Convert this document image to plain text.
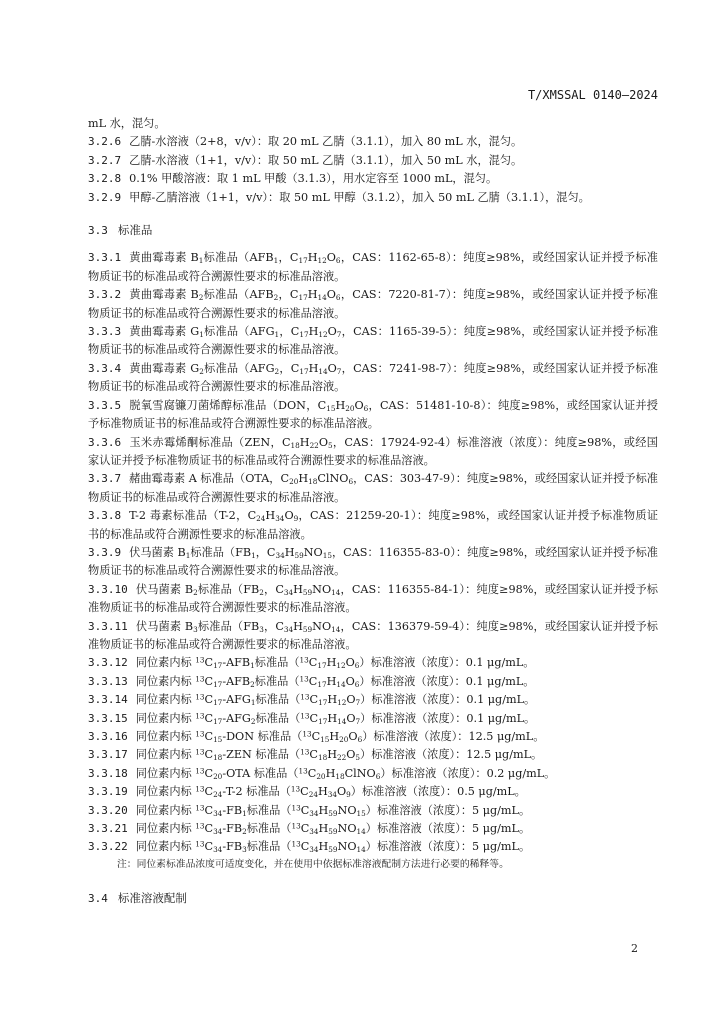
T/XMSSAL 0140—2024

mL 水，混匀。

3.2.6 乙腈-水溶液（2+8，v/v）：取 20 mL 乙腈（3.1.1），加入 80 mL 水，混匀。

3.2.7 乙腈-水溶液（1+1，v/v）：取 50 mL 乙腈（3.1.1），加入 50 mL 水，混匀。

3.2.8 0.1% 甲酸溶液：取 1 mL 甲酸（3.1.3），用水定容至 1000 mL，混匀。

3.2.9 甲醇-乙腈溶液（1+1，v/v）：取 50 mL 甲醇（3.1.2），加入 50 mL 乙腈（3.1.1），混匀。

3.3 标准品

3.3.1 黄曲霉毒素 $B_1$标准品（$AFB_1$，$C_{17}H_{12}O_6$，CAS：1162-65-8）：纯度≥98%，或经国家认证并授予标准物质证书的标准品或符合溯源性要求的标准品溶液。

3.3.2 黄曲霉毒素 $B_2$标准品（$AFB_2$，$C_{17}H_{14}O_6$，CAS：7220-81-7）：纯度≥98%，或经国家认证并授予标准物质证书的标准品或符合溯源性要求的标准品溶液。

3.3.3 黄曲霉毒素 $G_1$标准品（$AFG_1$，$C_{17}H_{12}O_7$，CAS：1165-39-5）：纯度≥98%，或经国家认证并授予标准物质证书的标准品或符合溯源性要求的标准品溶液。

3.3.4 黄曲霉毒素 $G_2$标准品（$AFG_2$，$C_{17}H_{14}O_7$，CAS：7241-98-7）：纯度≥98%，或经国家认证并授予标准物质证书的标准品或符合溯源性要求的标准品溶液。

3.3.5 脱氧雪腐镰刀菌烯醇标准品（DON，$C_{15}H_{20}O_6$，CAS：51481-10-8）：纯度≥98%，或经国家认证并授予标准物质证书的标准品或符合溯源性要求的标准品溶液。

3.3.6 玉米赤霉烯酮标准品（ZEN，$C_{18}H_{22}O_5$，CAS：17924-92-4）标准溶液（浓度）：纯度≥98%，或经国家认证并授予标准物质证书的标准品或符合溯源性要求的标准品溶液。

3.3.7 赭曲霉毒素 A 标准品（OTA，$C_{20}H_{18}ClNO_6$，CAS：303-47-9）：纯度≥98%，或经国家认证并授予标准物质证书的标准品或符合溯源性要求的标准品溶液。

3.3.8 T-2 毒素标准品（T-2，$C_{24}H_{34}O_9$，CAS：21259-20-1）：纯度≥98%，或经国家认证并授予标准物质证书的标准品或符合溯源性要求的标准品溶液。

3.3.9 伏马菌素 $B_1$标准品（$FB_1$，$C_{34}H_{59}NO_{15}$，CAS：116355-83-0）：纯度≥98%，或经国家认证并授予标准物质证书的标准品或符合溯源性要求的标准品溶液。

3.3.10 伏马菌素 $B_2$标准品（$FB_2$，$C_{34}H_{59}NO_{14}$，CAS：116355-84-1）：纯度≥98%，或经国家认证并授予标准物质证书的标准品或符合溯源性要求的标准品溶液。

3.3.11 伏马菌素 $B_3$标准品（$FB_3$，$C_{34}H_{59}NO_{14}$，CAS：136379-59-4）：纯度≥98%，或经国家认证并授予标准物质证书的标准品或符合溯源性要求的标准品溶液。

3.3.12 同位素内标 $^{13}C_{17}-AFB_1$标准品$(^{13}C_{17}H_{12}O_6)$标准溶液（浓度）：0.1 μg/mL。

3.3.13 同位素内标 $^{13}C_{17}-AFB_2$标准品$(^{13}C_{17}H_{14}O_6)$标准溶液（浓度）：0.1 μg/mL。

3.3.14 同位素内标 $^{13}C_{17}-AFG_1$标准品$(^{13}C_{17}H_{12}O_7)$标准溶液（浓度）：0.1 μg/mL。

3.3.15 同位素内标 $^{13}C_{17}-AFG_2$标准品$(^{13}C_{17}H_{14}O_7)$标准溶液（浓度）：0.1 μg/mL。

3.3.16 同位素内标 $^{13}C_{15}$-DON 标准品$(^{13}C_{15}H_{20}O_6)$标准溶液（浓度）：12.5 μg/mL。

3.3.17 同位素内标 $^{13}C_{18}$-ZEN 标准品$(^{13}C_{18}H_{22}O_5)$标准溶液（浓度）：12.5 μg/mL。

3.3.18 同位素内标 $^{13}C_{20}$-OTA 标准品$(^{13}C_{20}H_{18}ClNO_6)$标准溶液（浓度）：0.2 μg/mL。

3.3.19 同位素内标 $^{13}C_{24}-T-2$ 标准品$(^{13}C_{24}H_{34}O_9)$标准溶液（浓度）：0.5 μg/mL。

3.3.20 同位素内标 $^{13}C_{34}-FB_1$标准品$(^{13}C_{34}H_{59}NO_{15})$标准溶液（浓度）：5 μg/mL。

3.3.21 同位素内标 $^{13}C_{34}-FB_2$标准品$(^{13}C_{34}H_{59}NO_{14})$标准溶液（浓度）：5 μg/mL。

3.3.22 同位素内标 $^{13}C_{34}-FB_3$标准品$(^{13}C_{34}H_{59}NO_{14})$标准溶液（浓度）：5 μg/mL。

注：同位素标准品浓度可适度变化，并在使用中依据标准溶液配制方法进行必要的稀释等。

3.4 标准溶液配制
2
